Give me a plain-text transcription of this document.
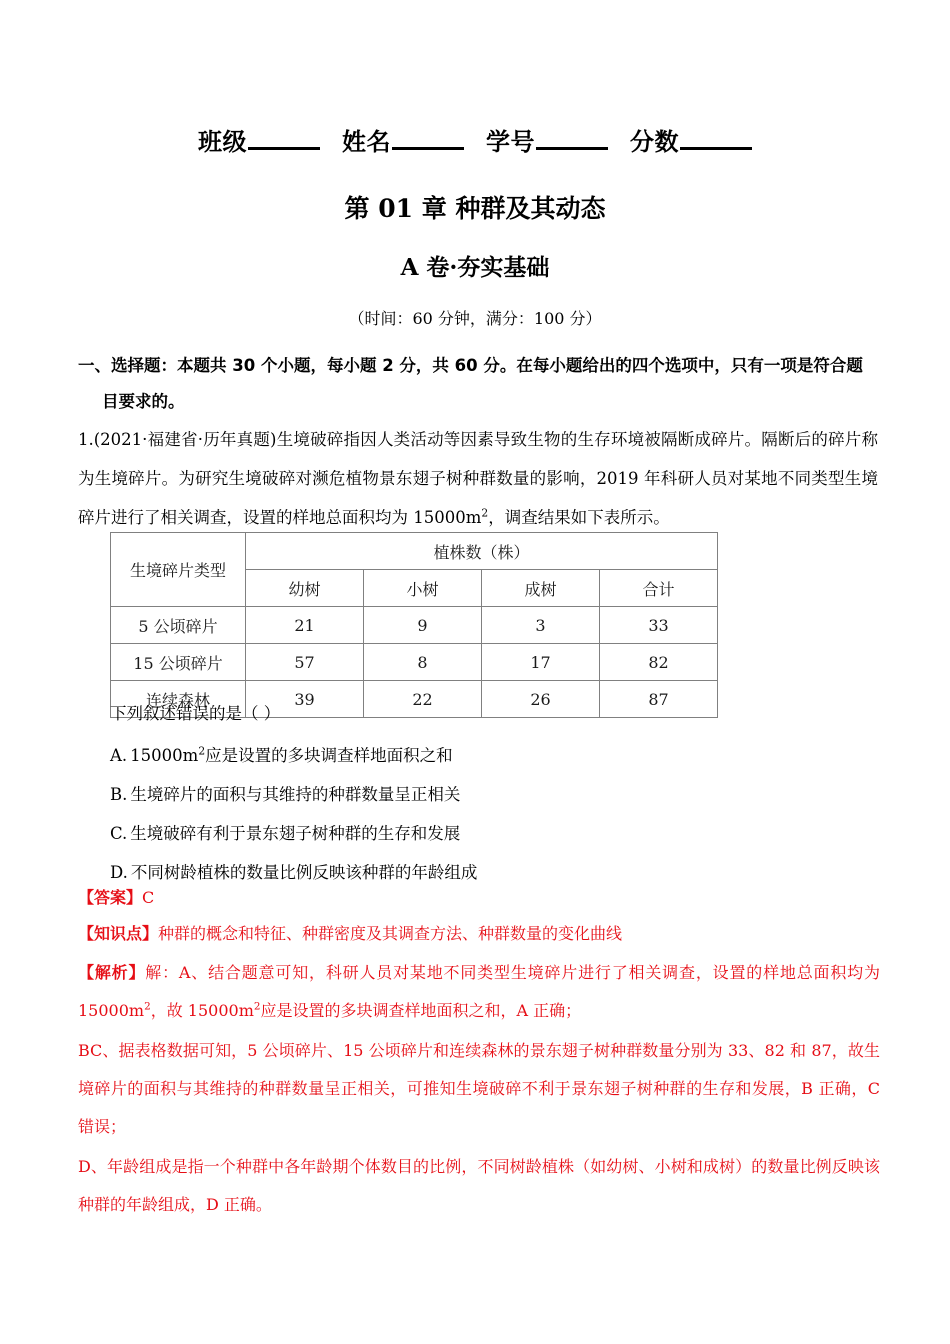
班级	姓名	学号	分数
第 01 章 种群及其动态
A 卷·夯实基础
（时间：60 分钟，满分：100 分）
一、选择题：本题共 30 个小题，每小题 2 分，共 60 分。在每小题给出的四个选项中，只有一项是符合题
目要求的。
1.(2021·福建省·历年真题)生境破碎指因人类活动等因素导致生物的生存环境被隔断成碎片。隔断后的碎片称为生境碎片。为研究生境破碎对濒危植物景东翅子树种群数量的影响，2019 年科研人员对某地不同类型生境碎片进行了相关调查，设置的样地总面积均为 $15000m^2$，调查结果如下表所示。
生境碎片类型	植株数（株）			
	幼树	小树	成树	合计
5 公顷碎片	21	9	3	33
15 公顷碎片	57	8	17	82
连续森林	39	22	26	87
下列叙述错误的是（ ）
A. $15000m^2$应是设置的多块调查样地面积之和
B. 生境碎片的面积与其维持的种群数量呈正相关
C. 生境破碎有利于景东翅子树种群的生存和发展
D. 不同树龄植株的数量比例反映该种群的年龄组成
【答案】C
【知识点】种群的概念和特征、种群密度及其调查方法、种群数量的变化曲线
【解析】解：A、结合题意可知，科研人员对某地不同类型生境碎片进行了相关调查，设置的样地总面积均为 $15000m^2$，故 $15000m^2$应是设置的多块调查样地面积之和，A 正确；
BC、据表格数据可知，5 公顷碎片、15 公顷碎片和连续森林的景东翅子树种群数量分别为 33、82 和 87，故生境碎片的面积与其维持的种群数量呈正相关，可推知生境破碎不利于景东翅子树种群的生存和发展，B 正确，C 错误；
D、年龄组成是指一个种群中各年龄期个体数目的比例，不同树龄植株（如幼树、小树和成树）的数量比例反映该种群的年龄组成，D 正确。
